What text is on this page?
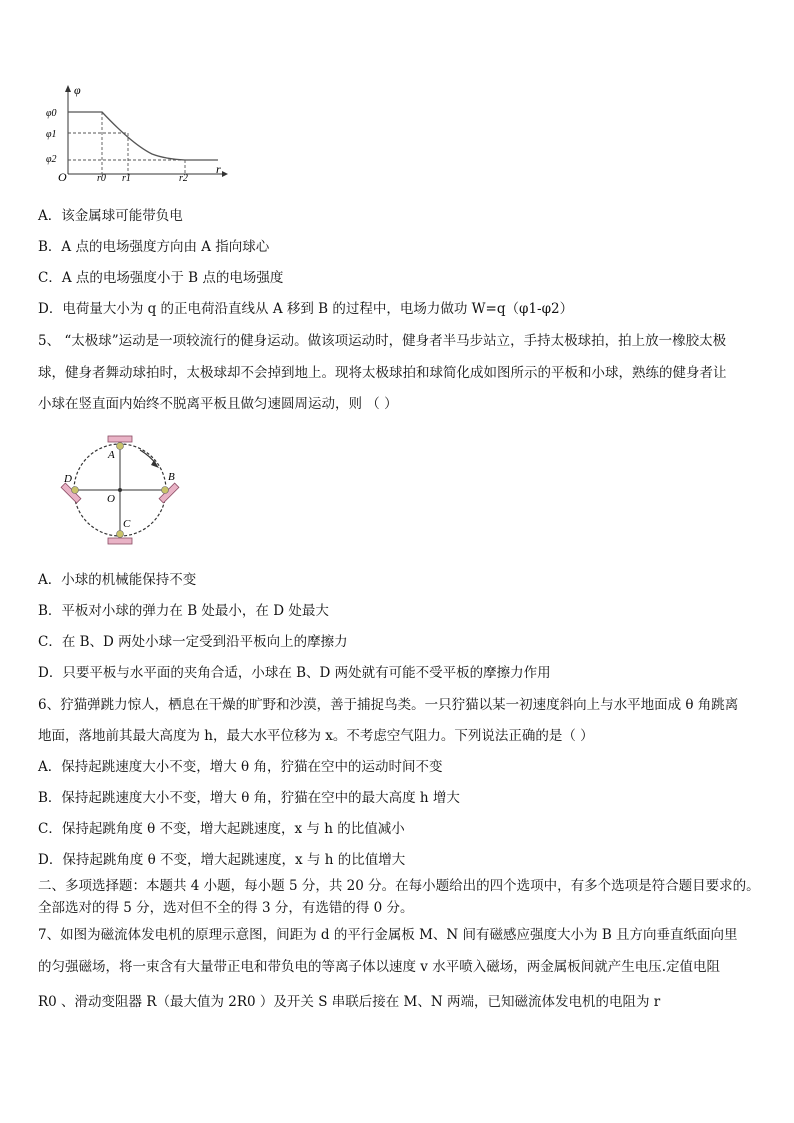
φ
φ0
φ1
φ2
O	r0 r1	r2
r
A．该金属球可能带负电
B．A 点的电场强度方向由 A 指向球心
C．A 点的电场强度小于 B 点的电场强度
D．电荷量大小为 q 的正电荷沿直线从 A 移到 B 的过程中，电场力做功 W=q（φ1-φ2）
5、 “太极球”运动是一项较流行的健身运动。做该项运动时，健身者半马步站立，手持太极球拍，拍上放一橡胶太极
球，健身者舞动球拍时，太极球却不会掉到地上。现将太极球拍和球简化成如图所示的平板和小球，熟练的健身者让
小球在竖直面内始终不脱离平板且做匀速圆周运动，则 （ ）
A
B
C
D
O
A．小球的机械能保持不变
B．平板对小球的弹力在 B 处最小，在 D 处最大
C．在 B、D 两处小球一定受到沿平板向上的摩擦力
D．只要平板与水平面的夹角合适，小球在 B、D 两处就有可能不受平板的摩擦力作用
6、狞猫弹跳力惊人，栖息在干燥的旷野和沙漠，善于捕捉鸟类。一只狞猫以某一初速度斜向上与水平地面成 θ 角跳离
地面，落地前其最大高度为 h，最大水平位移为 x。不考虑空气阻力。下列说法正确的是（ ）
A．保持起跳速度大小不变，增大 θ 角，狞猫在空中的运动时间不变
B．保持起跳速度大小不变，增大 θ 角，狞猫在空中的最大高度 h 增大
C．保持起跳角度 θ 不变，增大起跳速度，x 与 h 的比值减小
D．保持起跳角度 θ 不变，增大起跳速度，x 与 h 的比值增大
二、多项选择题：本题共 4 小题，每小题 5 分，共 20 分。在每小题给出的四个选项中，有多个选项是符合题目要求的。
全部选对的得 5 分，选对但不全的得 3 分，有选错的得 0 分。
7、如图为磁流体发电机的原理示意图，间距为 d 的平行金属板 M、N 间有磁感应强度大小为 B 且方向垂直纸面向里
的匀强磁场，将一束含有大量带正电和带负电的等离子体以速度 v 水平喷入磁场，两金属板间就产生电压.定值电阻
R0 、滑动变阻器 R（最大值为 2R0 ）及开关 S 串联后接在 M、N 两端，已知磁流体发电机的电阻为 r
